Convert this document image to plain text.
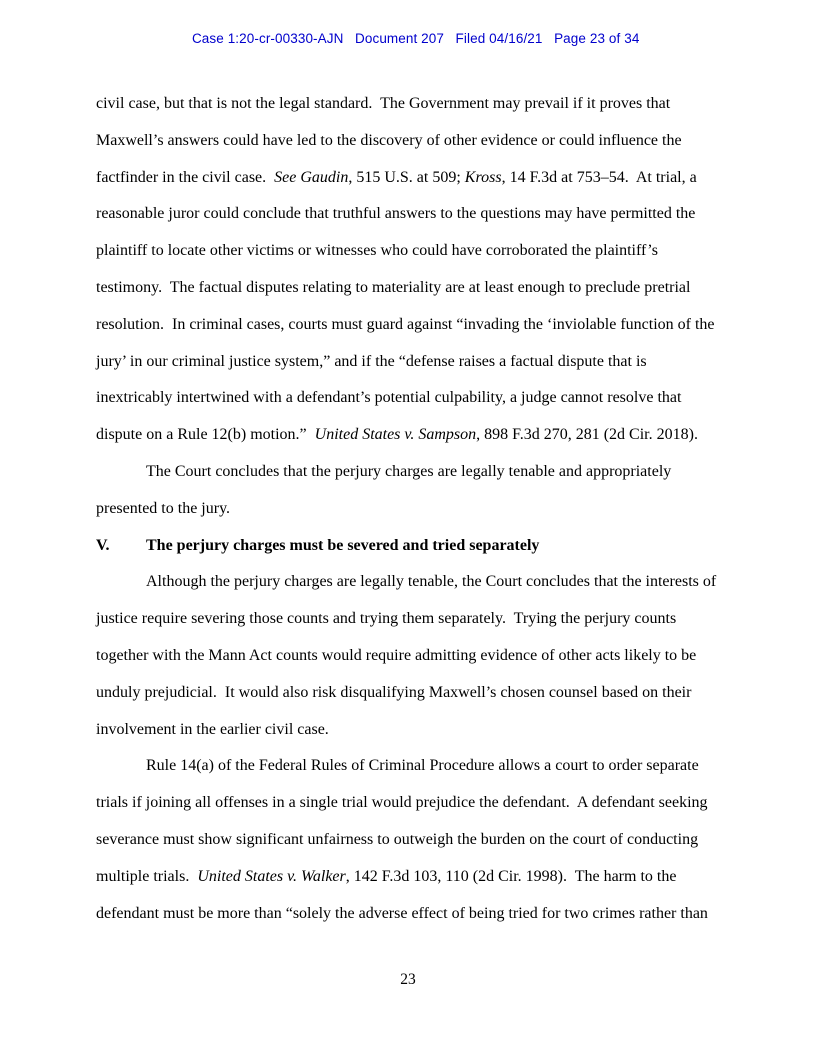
Case 1:20-cr-00330-AJN   Document 207   Filed 04/16/21   Page 23 of 34

civil case, but that is not the legal standard.  The Government may prevail if it proves that Maxwell’s answers could have led to the discovery of other evidence or could influence the factfinder in the civil case.  See Gaudin, 515 U.S. at 509; Kross, 14 F.3d at 753–54.  At trial, a reasonable juror could conclude that truthful answers to the questions may have permitted the plaintiff to locate other victims or witnesses who could have corroborated the plaintiff’s testimony.  The factual disputes relating to materiality are at least enough to preclude pretrial resolution.  In criminal cases, courts must guard against “invading the ‘inviolable function of the jury’ in our criminal justice system,” and if the “defense raises a factual dispute that is inextricably intertwined with a defendant’s potential culpability, a judge cannot resolve that dispute on a Rule 12(b) motion.”  United States v. Sampson, 898 F.3d 270, 281 (2d Cir. 2018).

The Court concludes that the perjury charges are legally tenable and appropriately presented to the jury.

V. The perjury charges must be severed and tried separately

Although the perjury charges are legally tenable, the Court concludes that the interests of justice require severing those counts and trying them separately.  Trying the perjury counts together with the Mann Act counts would require admitting evidence of other acts likely to be unduly prejudicial.  It would also risk disqualifying Maxwell’s chosen counsel based on their involvement in the earlier civil case.

Rule 14(a) of the Federal Rules of Criminal Procedure allows a court to order separate trials if joining all offenses in a single trial would prejudice the defendant.  A defendant seeking severance must show significant unfairness to outweigh the burden on the court of conducting multiple trials.  United States v. Walker, 142 F.3d 103, 110 (2d Cir. 1998).  The harm to the defendant must be more than “solely the adverse effect of being tried for two crimes rather than

23
